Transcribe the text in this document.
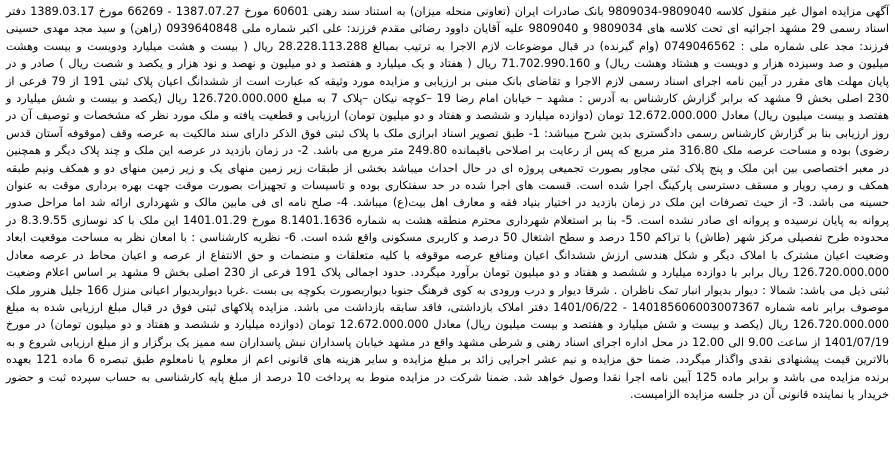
آگهی مزایده اموال غیر منقول کلاسه 9809040-9809034 بانک صادرات ایران (تعاونی منحله میزان) به استناد سند رهنی 60601 مورخ 1387.07.27 - 66269 مورخ 1389.03.17 دفتر اسناد رسمی 29 مشهد اجرائیه ای تحت کلاسه های 9809034 و 9809040 علیه آقایان داوود رضائی مقدم فرزند: علی اکبر شماره ملی 0939640848 (راهن) و سید مجد مهدی حسینی فرزند: مجد علی شماره ملی : 0749046562 (وام گیرنده) در قبال موضوعات لازم الاجرا به ترتیب بمبالغ 28.228.113.288 ریال ( بیست و هشت میلیارد ودویست و بیست وهشت میلیون و صد وسیزده هزار و دویست و هشتاد وهشت ریال) و 71.702.990.160 ریال ( هفتاد و یک میلیارد و هفتصد و دو میلیون و نهصد و نود هزار و یکصد و شصت ریال ) صادر و در پایان مهلت های مقرر در آیین نامه اجرای اسناد رسمی لازم الاجرا و تقاضای بانک مبنی بر ارزیابی و مزایده مورد وثیقه که عبارت است از ششدانگ اعیان پلاک ثبتی 191 از 79 فرعی از 230 اصلی بخش 9 مشهد که برابر گزارش کارشناس به آدرس : مشهد – خیابان امام رضا 19 –کوچه نیکان –پلاک 7 به مبلغ 126.720.000.000 ریال (یکصد و بیست و شش میلیارد و هفتصد و بیست میلیون ریال) معادل 12.672.000.000 تومان (دوازده میلیارد و ششصد و هفتاد و دو میلیون تومان) ارزیابی و قطعیت یافته و ملک مورد نظر که مشخصات و توصیف آن در روز ارزیابی بنا بر گزارش کارشناس رسمی دادگستری بدین شرح میباشد: 1- طبق تصویر اسناد ابرازی ملک با پلاک ثبتی فوق الذکر دارای سند مالکیت به عرصه وقف (موقوفه آستان قدس رضوی) بوده و مساحت عرصه ملک 316.80 متر مربع که پس از رعایت بر اصلاحی باقیمانده 249.80 متر مربع می باشد. 2- در زمان بازدید در عرصه این ملک و چند پلاک دیگر و همچنین در معبر اختصاصی بین این ملک و پنج پلاک ثبتی مجاور بصورت تجمیعی پروژه ای در حال احداث میباشد بخشی از طبقات زیر زمین منهای یک و زیر زمین منهای دو و همکف ونیم طبقه همکف و رمپ رویار و مسقف دسترسی پارکینگ اجرا شده است. قسمت های اجرا شده در حد سفتکاری بوده و تاسیسات و تجهیزات بصورت موقت جهت بهره برداری موقت به عنوان حسینه می باشد. 3- از حیث تصرفات این ملک در زمان بازدید در اختیار بنیاد فقه و معارف اهل بیت(ع) میباشد. 4- صلح نامه ای فی مابین مالک و شهرداری ارائه شد اما مراحل صدور پروانه به پایان نرسیده و پروانه ای صادر نشده است. 5- بنا بر استعلام شهرداری محترم منطقه هشت به شماره 8.1401.1636 مورخ 1401.01.29 این ملک با کد نوسازی 8.3.9.55 در محدوده طرح تفصیلی مرکز شهر (طاش) با تراکم 150 درصد و سطح اشتغال 50 درصد و کاربری مسکونی واقع شده است. 6- نظریه کارشناسی : با امعان نظر به مساحت موقعیت ابعاد وضعیت اعیان مشترک با املاک دیگر و شکل هندسی ارزش ششدانگ اعیان ومنافع عرصه موقوفه با کلیه متعلقات و منضمات و حق الانتفاع از عرصه و اعیان محاط در عرصه معادل 126.720.000.000 ریال برابر با دوازده میلیارد و ششصد و هفتاد و دو میلیون تومان برآورد میگردد. حدود اجمالی پلاک 191 فرعی از 230 اصلی بخش 9 مشهد بر اساس اعلام وضعیت ثبتی ذیل می باشد: شمالا : دیوار بدیوار انبار تمک ناظران . شرقا دیوار و درب ورودی به کوی فرهنگ جنوبا دیواربصورت بکوچه بی بست .غربا دیواربدیوار اعیانی منزل 166 جلیل هنرور ملک موصوف برابر نامه شماره 140185606003007367 - 1401/06/22 دفتر املاک بازداشتی، فاقد سابقه بازداشت می باشد. مزایده پلاکهای ثبتی فوق در قبال مبلغ ارزیابی شده به مبلغ 126.720.000.000 ریال (یکصد و بیست و شش میلیارد و هفتصد و بیست میلیون ریال) معادل 12.672.000.000 تومان (دوازده میلیارد و ششصد و هفتاد و دو میلیون تومان) در مورخ 1401/07/19 از ساعت 9.00 الی 12.00 در محل اداره اجرای اسناد رهنی و شرطی مشهد واقع در مشهد خیابان پاسداران نبش پاسداران سه ممیز یک برگزار و از مبلغ ارزیابی شروع و به بالاترین قیمت پیشنهادی نقدی واگذار میگردد. ضمنا حق مزایده و نیم عشر اجرایی زائد بر مبلغ مزایده و سایر هزینه های قانونی اعم از معلوم یا نامعلوم طبق تبصره 6 ماده 121 بعهده برنده مزایده می باشد و برابر ماده 125 آیین نامه اجرا نقدا وصول خواهد شد. ضمنا شرکت در مزایده منوط به پرداخت 10 درصد از مبلغ پایه کارشناسی به حساب سپرده ثبت و حضور خریدار یا نماینده قانونی آن در جلسه مزایده الزامیست.
